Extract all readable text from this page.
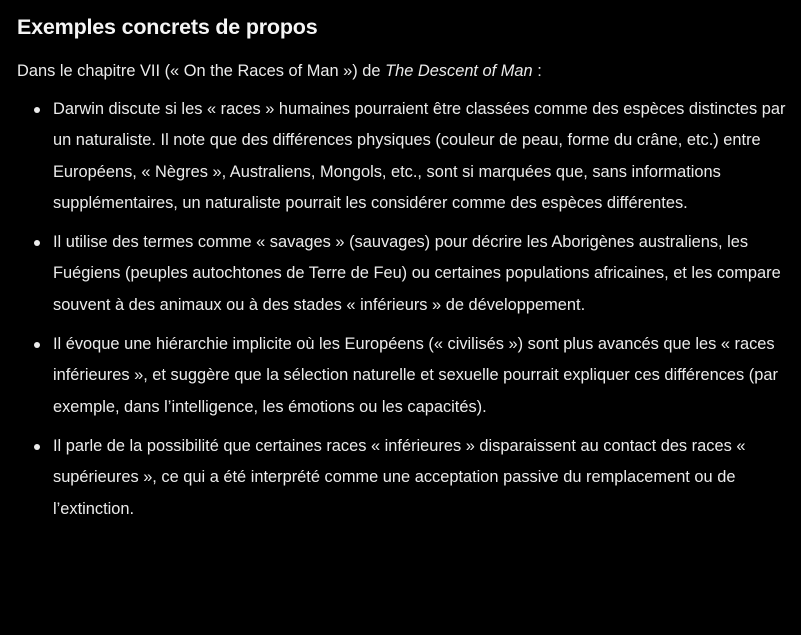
Exemples concrets de propos

Dans le chapitre VII (« On the Races of Man ») de The Descent of Man :

Darwin discute si les « races » humaines pourraient être classées comme des espèces distinctes par un naturaliste. Il note que des différences physiques (couleur de peau, forme du crâne, etc.) entre Européens, « Nègres », Australiens, Mongols, etc., sont si marquées que, sans informations supplémentaires, un naturaliste pourrait les considérer comme des espèces différentes.
Il utilise des termes comme « savages » (sauvages) pour décrire les Aborigènes australiens, les Fuégiens (peuples autochtones de Terre de Feu) ou certaines populations africaines, et les compare souvent à des animaux ou à des stades « inférieurs » de développement.
Il évoque une hiérarchie implicite où les Européens (« civilisés ») sont plus avancés que les « races inférieures », et suggère que la sélection naturelle et sexuelle pourrait expliquer ces différences (par exemple, dans l’intelligence, les émotions ou les capacités).
Il parle de la possibilité que certaines races « inférieures » disparaissent au contact des races « supérieures », ce qui a été interprété comme une acceptation passive du remplacement ou de l’extinction.
